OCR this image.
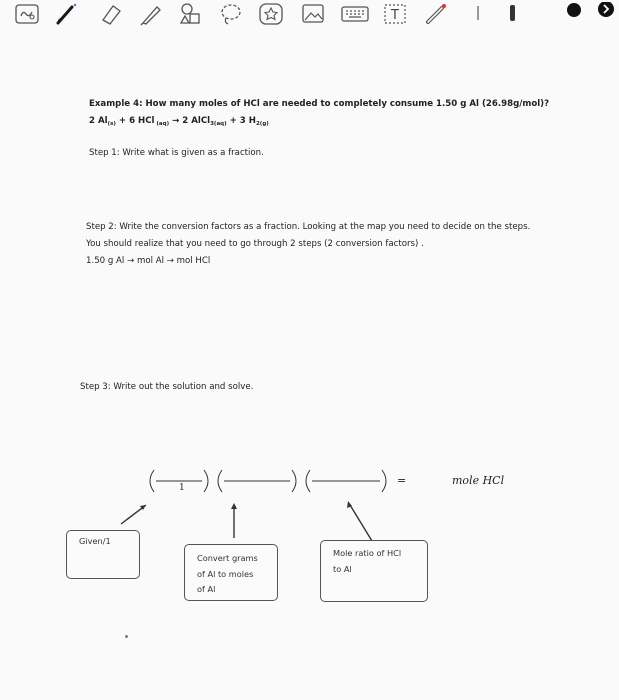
T
Example 4: How many moles of HCl are needed to completely consume 1.50 g Al (26.98g/mol)?
2 $Al_{(s)} + 6$ HCl $_{(aq)}$ → 2 AlCl$_{3(aq)}$ + 3 $H_{2(g)}$
Step 1: Write what is given as a fraction.
Step 2: Write the conversion factors as a fraction. Looking at the map you need to decide on the steps.
You should realize that you need to go through 2 steps (2 conversion factors) .
1.50 g Al → mol Al → mol HCl
Step 3: Write out the solution and solve.
1
=	mole HCl
Given/1
Convert grams
of Al to moles
of Al
Mole ratio of HCl
to Al
